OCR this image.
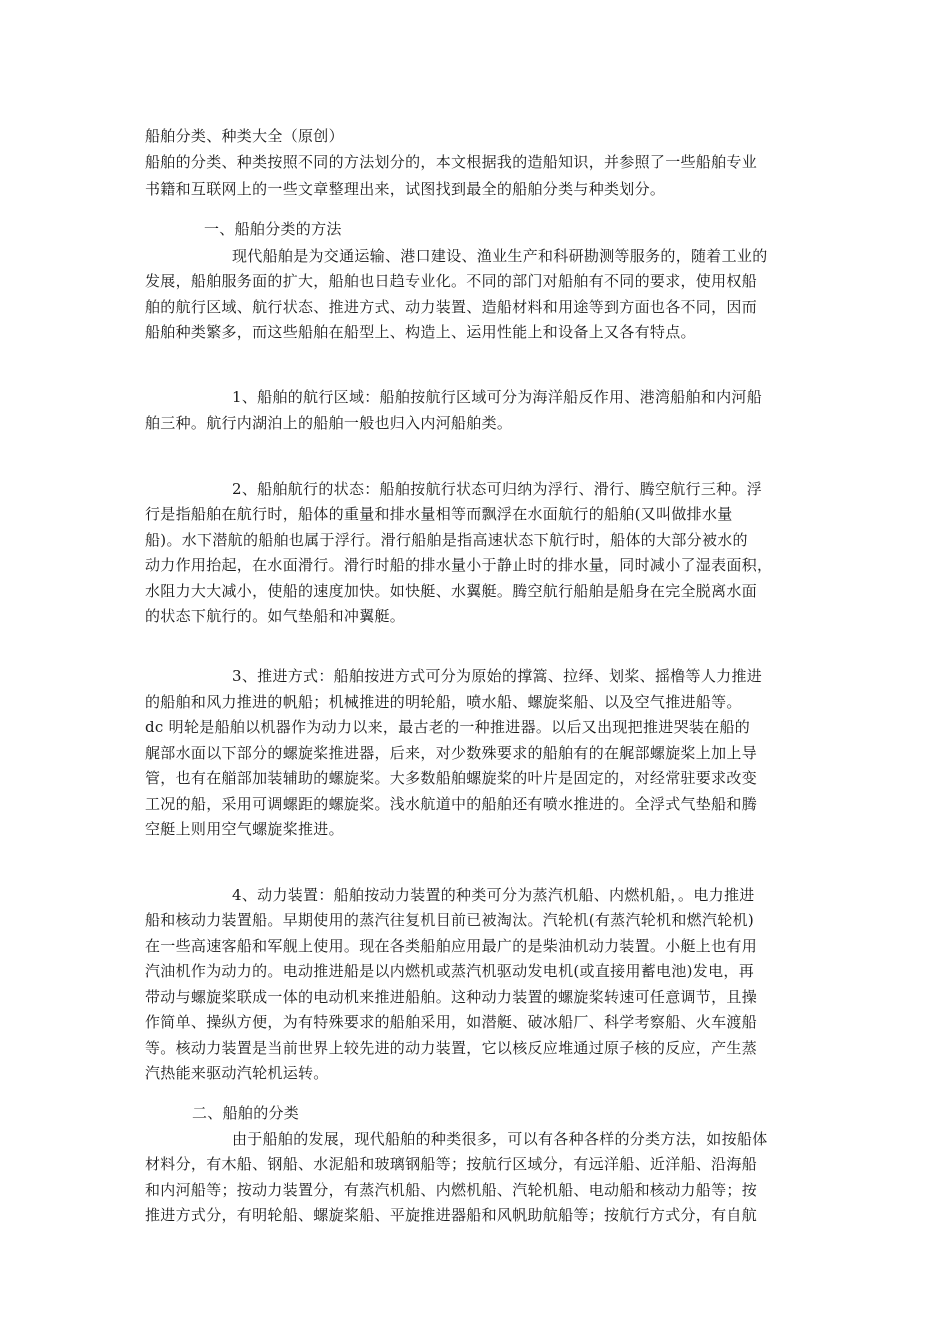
船舶分类、种类大全（原创）

船舶的分类、种类按照不同的方法划分的，本文根据我的造船知识，并参照了一些船舶专业

书籍和互联网上的一些文章整理出来，试图找到最全的船舶分类与种类划分。

一、船舶分类的方法

现代船舶是为交通运输、港口建设、渔业生产和科研勘测等服务的，随着工业的

发展，船舶服务面的扩大，船舶也日趋专业化。不同的部门对船舶有不同的要求，使用权船

舶的航行区域、航行状态、推进方式、动力装置、造船材料和用途等到方面也各不同，因而

船舶种类繁多，而这些船舶在船型上、构造上、运用性能上和设备上又各有特点。

1、船舶的航行区域：船舶按航行区域可分为海洋船反作用、港湾船舶和内河船

舶三种。航行内湖泊上的船舶一般也归入内河船舶类。

2、船舶航行的状态：船舶按航行状态可归纳为浮行、滑行、腾空航行三种。浮

行是指船舶在航行时，船体的重量和排水量相等而飘浮在水面航行的船舶(又叫做排水量

船)。水下潜航的船舶也属于浮行。滑行船舶是指高速状态下航行时，船体的大部分被水的

动力作用抬起，在水面滑行。滑行时船的排水量小于静止时的排水量，同时减小了湿表面积，

水阻力大大减小，使船的速度加快。如快艇、水翼艇。腾空航行船舶是船身在完全脱离水面

的状态下航行的。如气垫船和冲翼艇。

3、推进方式：船舶按进方式可分为原始的撑篙、拉绎、划桨、摇橹等人力推进

的船舶和风力推进的帆船；机械推进的明轮船，喷水船、螺旋桨船、以及空气推进船等。

dc 明轮是船舶以机器作为动力以来，最古老的一种推进器。以后又出现把推进哭装在船的

艉部水面以下部分的螺旋桨推进器，后来，对少数殊要求的船舶有的在艉部螺旋桨上加上导

管，也有在艏部加装辅助的螺旋桨。大多数船舶螺旋桨的叶片是固定的，对经常驻要求改变

工况的船，采用可调螺距的螺旋桨。浅水航道中的船舶还有喷水推进的。全浮式气垫船和腾

空艇上则用空气螺旋桨推进。

4、动力装置：船舶按动力装置的种类可分为蒸汽机船、内燃机船，。电力推进

船和核动力装置船。早期使用的蒸汽往复机目前已被淘汰。汽轮机(有蒸汽轮机和燃汽轮机)

在一些高速客船和军舰上使用。现在各类船舶应用最广的是柴油机动力装置。小艇上也有用

汽油机作为动力的。电动推进船是以内燃机或蒸汽机驱动发电机(或直接用蓄电池)发电，再

带动与螺旋桨联成一体的电动机来推进船舶。这种动力装置的螺旋桨转速可任意调节，且操

作简单、操纵方便，为有特殊要求的船舶采用，如潜艇、破冰船厂、科学考察船、火车渡船

等。核动力装置是当前世界上较先进的动力装置，它以核反应堆通过原子核的反应，产生蒸

汽热能来驱动汽轮机运转。

二、船舶的分类

由于船舶的发展，现代船舶的种类很多，可以有各种各样的分类方法，如按船体

材料分，有木船、钢船、水泥船和玻璃钢船等；按航行区域分，有远洋船、近洋船、沿海船

和内河船等；按动力装置分，有蒸汽机船、内燃机船、汽轮机船、电动船和核动力船等；按

推进方式分，有明轮船、螺旋桨船、平旋推进器船和风帆助航船等；按航行方式分，有自航
